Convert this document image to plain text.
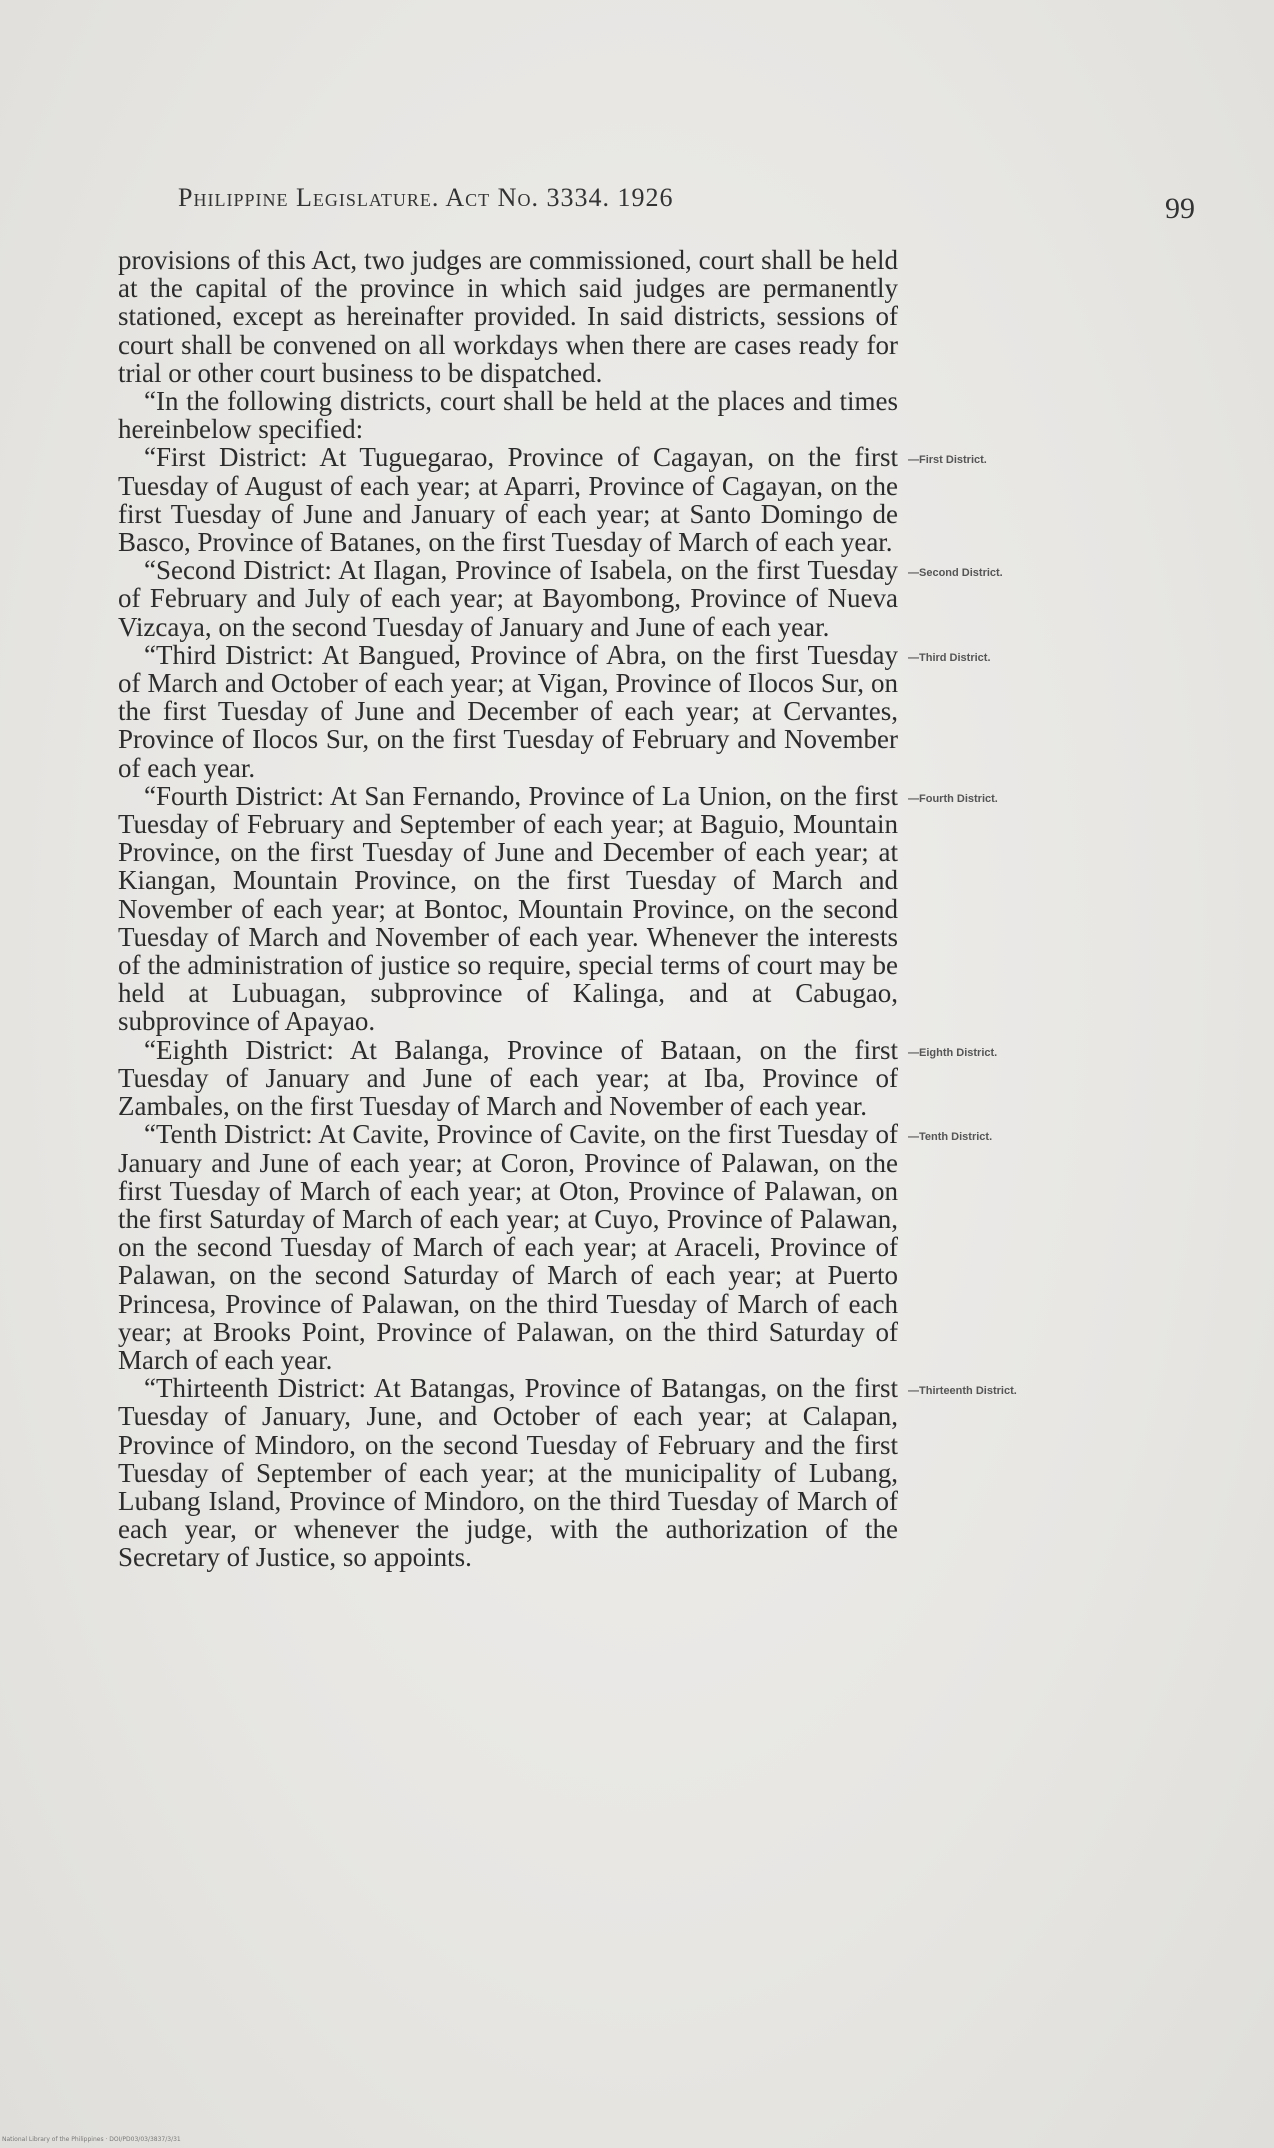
Philippine Legislature. Act No. 3334. 1926	99

provisions of this Act, two judges are commissioned, court shall be held at the capital of the province in which said judges are permanently stationed, except as hereinafter provided. In said districts, sessions of court shall be convened on all workdays when there are cases ready for trial or other court business to be dispatched.

“In the following districts, court shall be held at the places and times hereinbelow specified:

—First District.
“First District: At Tuguegarao, Province of Cagayan, on the first Tuesday of August of each year; at Aparri, Province of Cagayan, on the first Tuesday of June and January of each year; at Santo Domingo de Basco, Province of Batanes, on the first Tuesday of March of each year.

—Second District.
“Second District: At Ilagan, Province of Isabela, on the first Tuesday of February and July of each year; at Bayombong, Province of Nueva Vizcaya, on the second Tuesday of January and June of each year.

—Third District.
“Third District: At Bangued, Province of Abra, on the first Tuesday of March and October of each year; at Vigan, Province of Ilocos Sur, on the first Tuesday of June and December of each year; at Cervantes, Province of Ilocos Sur, on the first Tuesday of February and November of each year.

—Fourth District.
“Fourth District: At San Fernando, Province of La Union, on the first Tuesday of February and September of each year; at Baguio, Mountain Province, on the first Tuesday of June and December of each year; at Kiangan, Mountain Province, on the first Tuesday of March and November of each year; at Bontoc, Mountain Province, on the second Tuesday of March and November of each year. Whenever the interests of the administration of justice so require, special terms of court may be held at Lubuagan, subprovince of Kalinga, and at Cabugao, subprovince of Apayao.

—Eighth District.
“Eighth District: At Balanga, Province of Bataan, on the first Tuesday of January and June of each year; at Iba, Province of Zambales, on the first Tuesday of March and November of each year.

—Tenth District.
“Tenth District: At Cavite, Province of Cavite, on the first Tuesday of January and June of each year; at Coron, Province of Palawan, on the first Tuesday of March of each year; at Oton, Province of Palawan, on the first Saturday of March of each year; at Cuyo, Province of Palawan, on the second Tuesday of March of each year; at Araceli, Province of Palawan, on the second Saturday of March of each year; at Puerto Princesa, Province of Palawan, on the third Tuesday of March of each year; at Brooks Point, Province of Palawan, on the third Saturday of March of each year.

—Thirteenth District.
“Thirteenth District: At Batangas, Province of Batangas, on the first Tuesday of January, June, and October of each year; at Calapan, Province of Mindoro, on the second Tuesday of February and the first Tuesday of September of each year; at the municipality of Lubang, Lubang Island, Province of Mindoro, on the third Tuesday of March of each year, or whenever the judge, with the authorization of the Secretary of Justice, so appoints.

National Library of the Philippines · DOI/PD03/03/3837/3/31
